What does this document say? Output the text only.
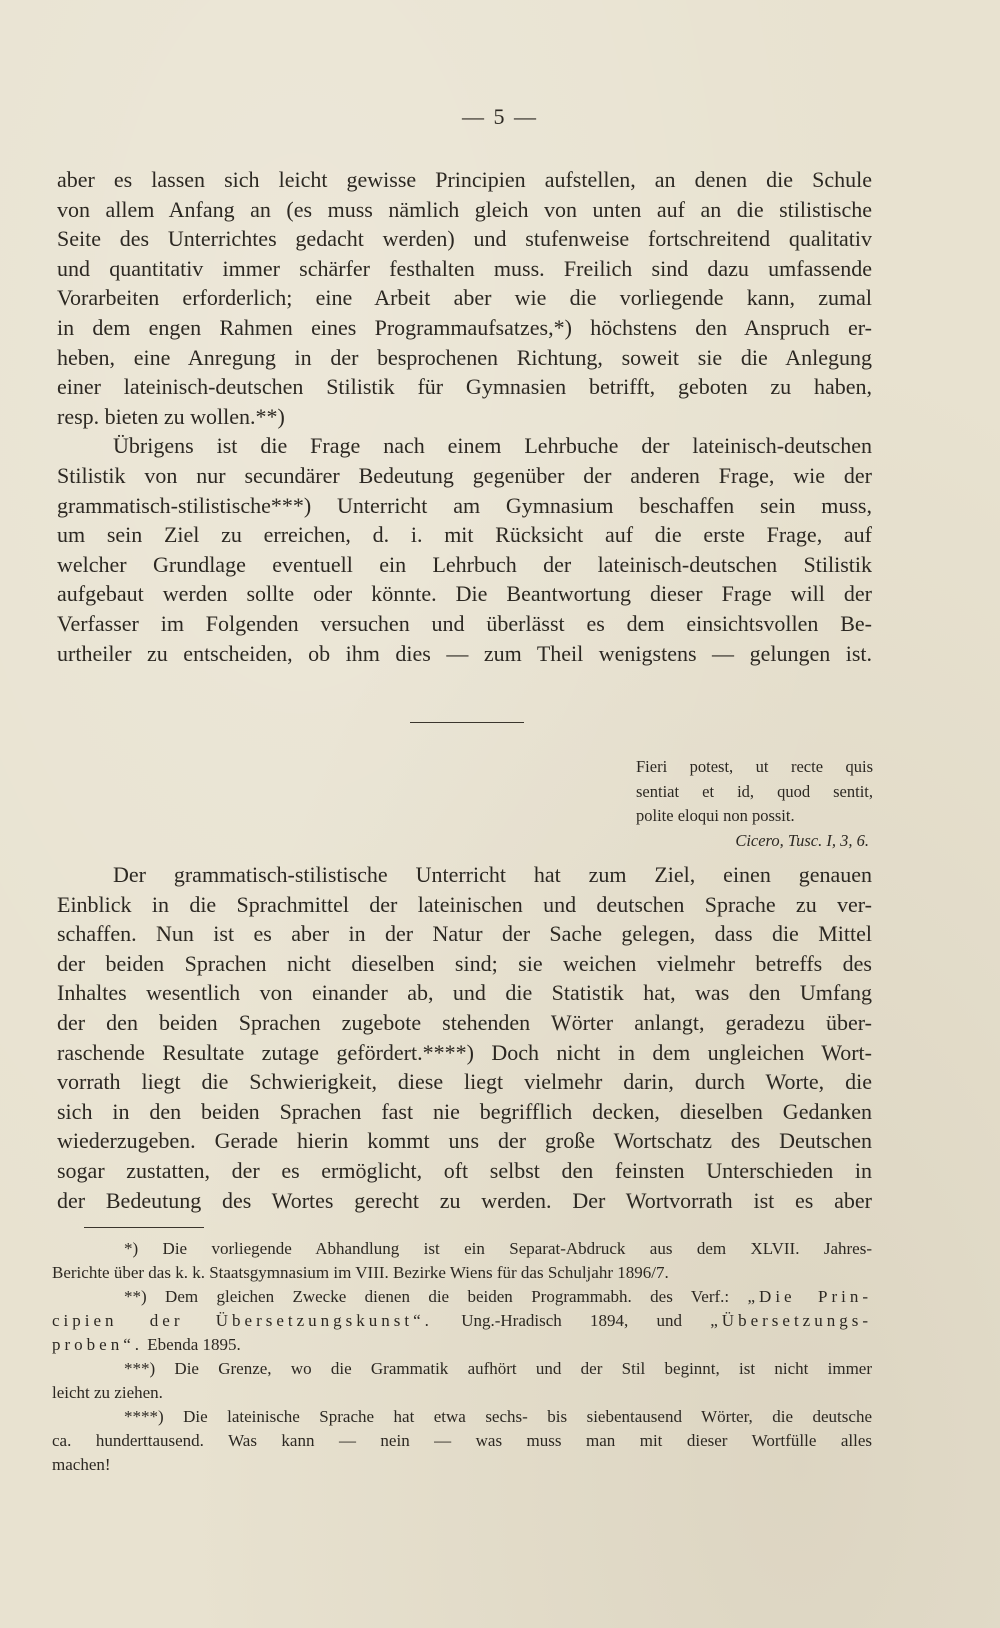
— 5 —
aber es lassen sich leicht gewisse Principien aufstellen, an denen die Schule
von allem Anfang an (es muss nämlich gleich von unten auf an die stilistische
Seite des Unterrichtes gedacht werden) und stufenweise fortschreitend qualitativ
und quantitativ immer schärfer festhalten muss. Freilich sind dazu umfassende
Vorarbeiten erforderlich; eine Arbeit aber wie die vorliegende kann, zumal
in dem engen Rahmen eines Programmaufsatzes,*) höchstens den Anspruch er-
heben, eine Anregung in der besprochenen Richtung, soweit sie die Anlegung
einer lateinisch-deutschen Stilistik für Gymnasien betrifft, geboten zu haben,
resp. bieten zu wollen.**)
Übrigens ist die Frage nach einem Lehrbuche der lateinisch-deutschen
Stilistik von nur secundärer Bedeutung gegenüber der anderen Frage, wie der
grammatisch-stilistische***) Unterricht am Gymnasium beschaffen sein muss,
um sein Ziel zu erreichen, d. i. mit Rücksicht auf die erste Frage, auf
welcher Grundlage eventuell ein Lehrbuch der lateinisch-deutschen Stilistik
aufgebaut werden sollte oder könnte. Die Beantwortung dieser Frage will der
Verfasser im Folgenden versuchen und überlässt es dem einsichtsvollen Be-
urtheiler zu entscheiden, ob ihm dies — zum Theil wenigstens — gelungen ist.
Fieri potest, ut recte quis
sentiat et id, quod sentit,
polite eloqui non possit.
Cicero, Tusc. I, 3, 6.
Der grammatisch-stilistische Unterricht hat zum Ziel, einen genauen
Einblick in die Sprachmittel der lateinischen und deutschen Sprache zu ver-
schaffen. Nun ist es aber in der Natur der Sache gelegen, dass die Mittel
der beiden Sprachen nicht dieselben sind; sie weichen vielmehr betreffs des
Inhaltes wesentlich von einander ab, und die Statistik hat, was den Umfang
der den beiden Sprachen zugebote stehenden Wörter anlangt, geradezu über-
raschende Resultate zutage gefördert.****) Doch nicht in dem ungleichen Wort-
vorrath liegt die Schwierigkeit, diese liegt vielmehr darin, durch Worte, die
sich in den beiden Sprachen fast nie begrifflich decken, dieselben Gedanken
wiederzugeben. Gerade hierin kommt uns der große Wortschatz des Deutschen
sogar zustatten, der es ermöglicht, oft selbst den feinsten Unterschieden in
der Bedeutung des Wortes gerecht zu werden. Der Wortvorrath ist es aber
*) Die vorliegende Abhandlung ist ein Separat-Abdruck aus dem XLVII. Jahres-
Berichte über das k. k. Staatsgymnasium im VIII. Bezirke Wiens für das Schuljahr 1896/7.
**) Dem gleichen Zwecke dienen die beiden Programmabh. des Verf.: „Die Prin-
cipien der Übersetzungskunst“. Ung.-Hradisch 1894, und „Übersetzungs-
proben“. Ebenda 1895.
***) Die Grenze, wo die Grammatik aufhört und der Stil beginnt, ist nicht immer
leicht zu ziehen.
****) Die lateinische Sprache hat etwa sechs- bis siebentausend Wörter, die deutsche
ca. hunderttausend. Was kann — nein — was muss man mit dieser Wortfülle alles
machen!
